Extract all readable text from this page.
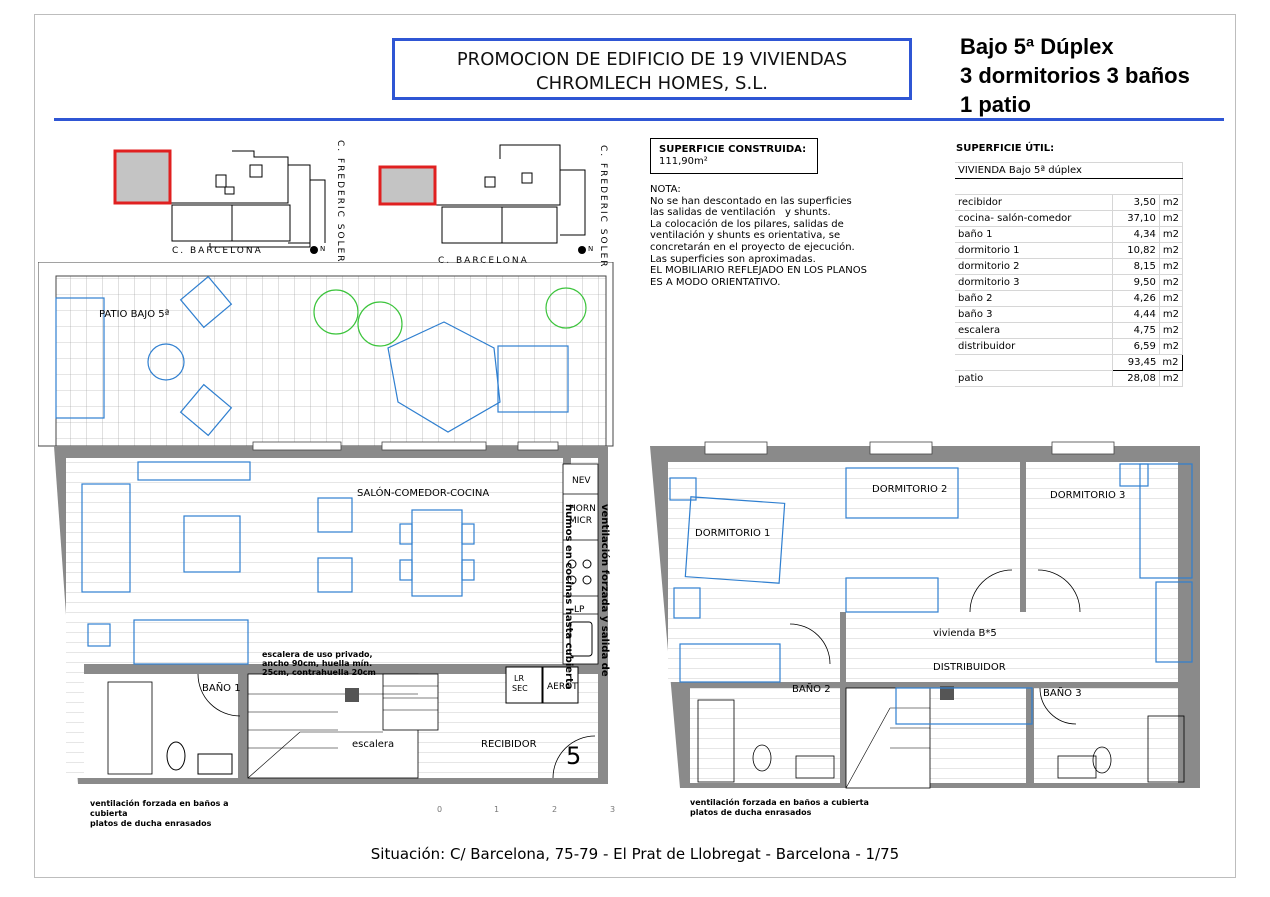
PROMOCION DE EDIFICIO DE 19 VIVIENDAS
CHROMLECH HOMES, S.L.
Bajo 5ª Dúplex
3 dormitorios 3 baños
1 patio
C. BARCELONA
C. BARCELONA
N	N
C. FREDERIC SOLER	C. FREDERIC SOLER	SUPERFICIE CONSTRUIDA:
111,90m²
NOTA:
No se han descontado en las superficies
las salidas de ventilación   y shunts.
La colocación de los pilares, salidas de
ventilación y shunts es orientativa, se
concretarán en el proyecto de ejecución.
Las superficies son aproximadas.
EL MOBILIARIO REFLEJADO EN LOS PLANOS
ES A MODO ORIENTATIVO.
SUPERFICIE ÚTIL:
VIVIENDA Bajo 5ª dúplex		

recibidor	3,50	m2
cocina- salón-comedor	37,10	m2
baño 1	4,34	m2
dormitorio 1	10,82	m2
dormitorio 2	8,15	m2
dormitorio 3	9,50	m2
baño 2	4,26	m2
baño 3	4,44	m2
escalera	4,75	m2
distribuidor	6,59	m2
	93,45	m2
patio	28,08	m2
PATIO BAJO 5ª
SALÓN-COMEDOR-COCINA
NEV
HORN
MICR
LP
LR
SEC AEROT
BAÑO 1
escalera	RECIBIDOR 5
escalera de uso privado,
ancho 90cm, huella mín.
25cm, contrahuella 20cm

	ventilación forzada y salida de

humos en cocinas hasta cubierta

ventilación forzada en baños a
cubierta
platos de ducha enrasados
0	1	2	3
DORMITORIO 1
DORMITORIO 2
DORMITORIO 3
vivienda B*5
DISTRIBUIDOR
BAÑO 2	BAÑO 3
ventilación forzada en baños a cubierta
platos de ducha enrasados
Situación: C/ Barcelona, 75-79 - El Prat de Llobregat - Barcelona - 1/75
